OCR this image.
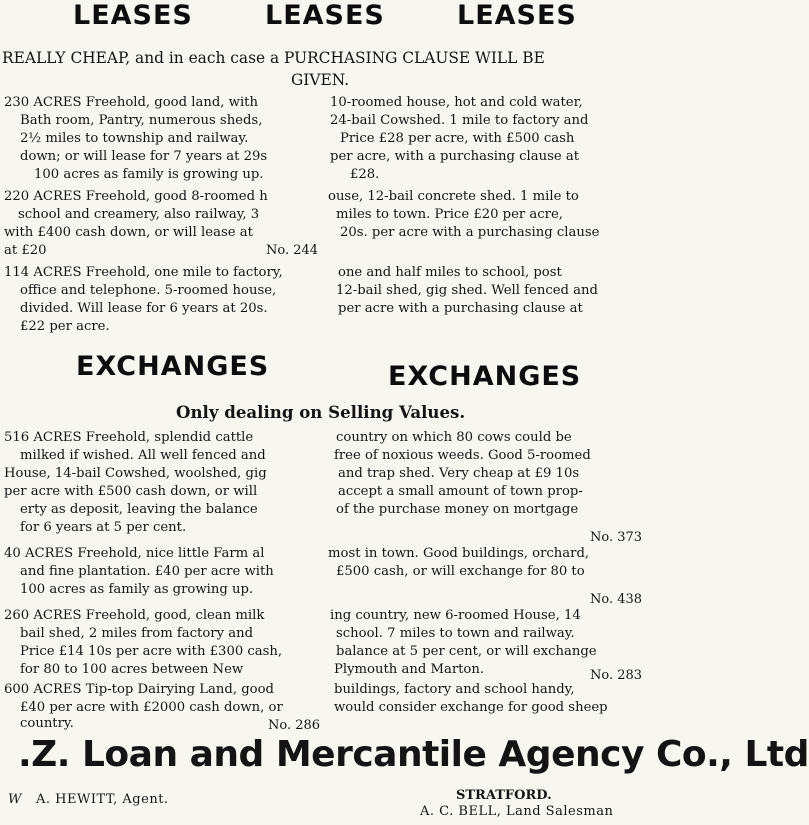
LEASES	LEASES	LEASES
REALLY CHEAP, and in each case a PURCHASING CLAUSE WILL BE
GIVEN.
230 ACRES Freehold, good land, with	10-roomed house, hot and cold water,
Bath room, Pantry, numerous sheds,	24-bail Cowshed. 1 mile to factory and
2½ miles to township and railway.	Price £28 per acre, with £500 cash
down; or will lease for 7 years at 29s	per acre, with a purchasing clause at
100 acres as family is growing up.	£28.
220 ACRES Freehold, good 8-roomed h	ouse, 12-bail concrete shed. 1 mile to
school and creamery, also railway, 3	miles to town. Price £20 per acre,
with £400 cash down, or will lease at	20s. per acre with a purchasing clause
at £20	No. 244
114 ACRES Freehold, one mile to factory,	one and half miles to school, post
office and telephone. 5-roomed house,	12-bail shed, gig shed. Well fenced and
divided. Will lease for 6 years at 20s.	per acre with a purchasing clause at
£22 per acre.
EXCHANGES	EXCHANGES
Only dealing on Selling Values.
516 ACRES Freehold, splendid cattle	country on which 80 cows could be
milked if wished. All well fenced and	free of noxious weeds. Good 5-roomed
House, 14-bail Cowshed, woolshed, gig	and trap shed. Very cheap at £9 10s
per acre with £500 cash down, or will	accept a small amount of town prop-
erty as deposit, leaving the balance	of the purchase money on mortgage
for 6 years at 5 per cent.
No. 373
40 ACRES Freehold, nice little Farm al	most in town. Good buildings, orchard,
and fine plantation. £40 per acre with	£500 cash, or will exchange for 80 to
100 acres as family as growing up.
No. 438
260 ACRES Freehold, good, clean milk	ing country, new 6-roomed House, 14
bail shed, 2 miles from factory and	school. 7 miles to town and railway.
Price £14 10s per acre with £300 cash,	balance at 5 per cent, or will exchange
for 80 to 100 acres between New	Plymouth and Marton.	No. 283
600 ACRES Tip-top Dairying Land, good	buildings, factory and school handy,
£40 per acre with £2000 cash down, or	would consider exchange for good sheep
country.	No. 286
.Z. Loan and Mercantile Agency Co., Ltd
W A. HEWITT, Agent.	STRATFORD.
A. C. BELL, Land Salesman
